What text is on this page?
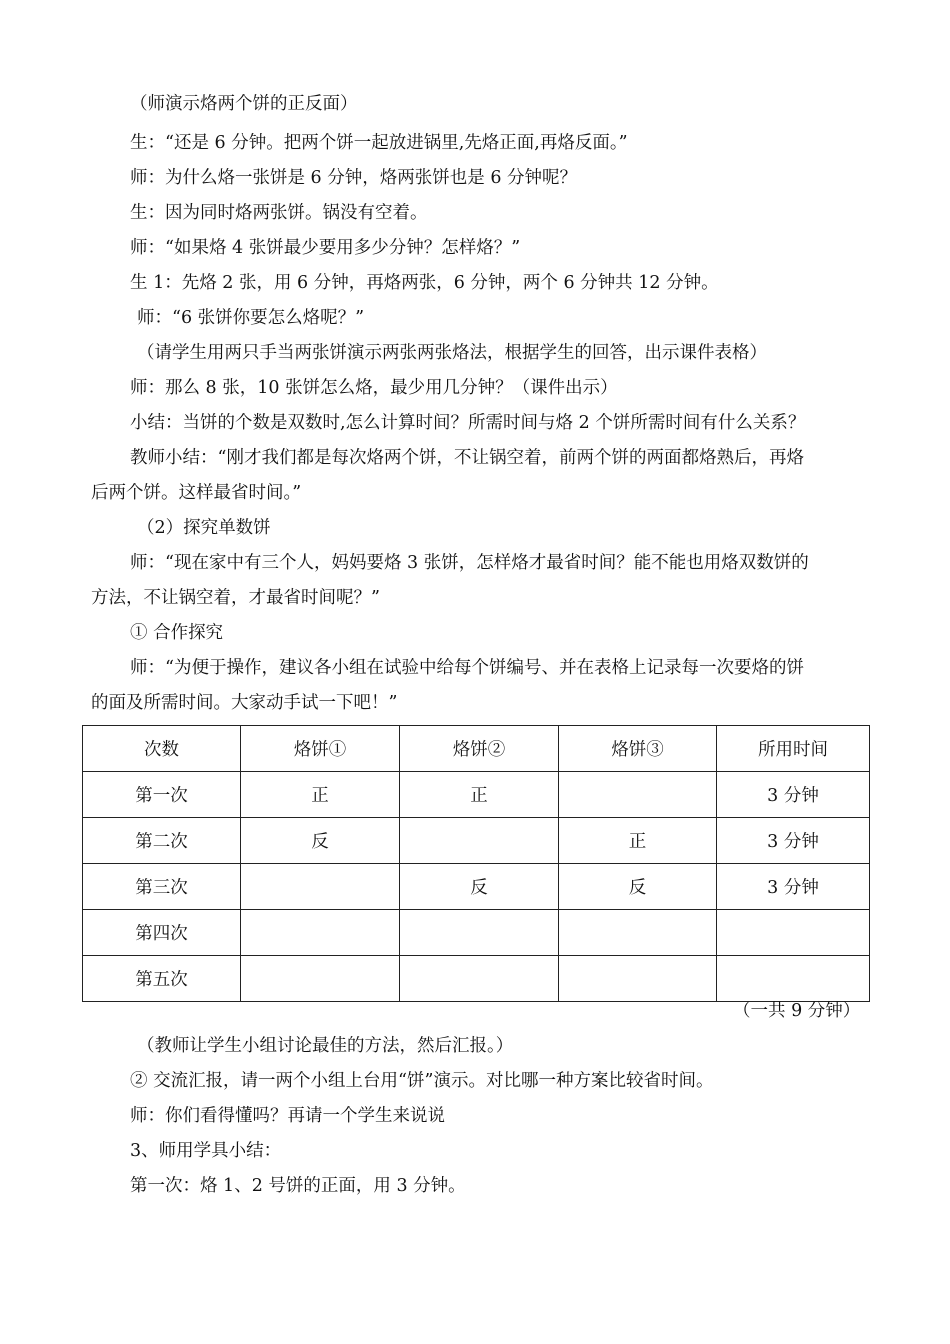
（师演示烙两个饼的正反面）
生：“还是 6 分钟。把两个饼一起放进锅里,先烙正面,再烙反面。”
师：为什么烙一张饼是 6 分钟，烙两张饼也是 6 分钟呢？
生：因为同时烙两张饼。锅没有空着。
师：“如果烙 4 张饼最少要用多少分钟？怎样烙？”
生 1：先烙 2 张，用 6 分钟，再烙两张，6 分钟，两个 6 分钟共 12 分钟。
师：“6 张饼你要怎么烙呢？”
（请学生用两只手当两张饼演示两张两张烙法，根据学生的回答，出示课件表格）
师：那么 8 张，10 张饼怎么烙，最少用几分钟？（课件出示）
小结：当饼的个数是双数时,怎么计算时间？所需时间与烙 2 个饼所需时间有什么关系？
教师小结：“刚才我们都是每次烙两个饼，不让锅空着，前两个饼的两面都烙熟后，再烙
后两个饼。这样最省时间。”
（2）探究单数饼
师：“现在家中有三个人，妈妈要烙 3 张饼，怎样烙才最省时间？能不能也用烙双数饼的
方法，不让锅空着，才最省时间呢？”
① 合作探究
师：“为便于操作，建议各小组在试验中给每个饼编号、并在表格上记录每一次要烙的饼
的面及所需时间。大家动手试一下吧！”
次数	烙饼①	烙饼②	烙饼③	所用时间
第一次	正	正		3 分钟
第二次	反		正	3 分钟
第三次		反	反	3 分钟
第四次				
第五次				
（一共 9 分钟）
（教师让学生小组讨论最佳的方法，然后汇报。）
② 交流汇报，请一两个小组上台用“饼”演示。对比哪一种方案比较省时间。
师：你们看得懂吗？再请一个学生来说说
3、师用学具小结：
第一次：烙 1、2 号饼的正面，用 3 分钟。
